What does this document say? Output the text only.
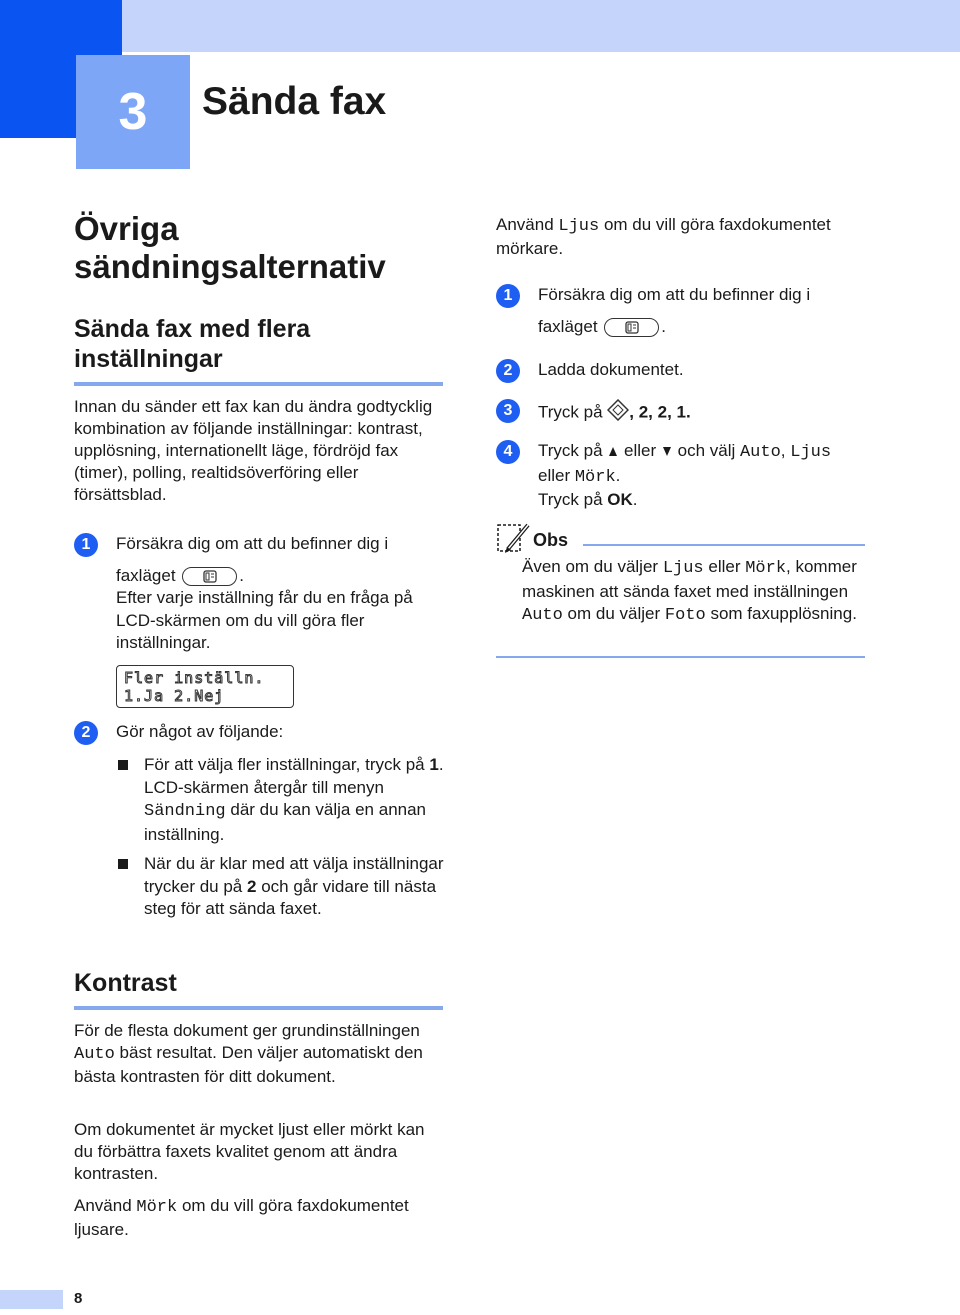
3	Sända fax

Övriga sändningsalternativ

Sända fax med flera inställningar

Innan du sänder ett fax kan du ändra godtycklig kombination av följande inställningar: kontrast, upplösning, internationellt läge, fördröjd fax (timer), polling, realtidsöverföring eller försättsblad.

1	Försäkra dig om att du befinner dig i
faxläget	.
Efter varje inställning får du en fråga på LCD-skärmen om du vill göra fler inställningar.
Fler inställn.
1.Ja 2.Nej
2	Gör något av följande:
För att välja fler inställningar, tryck på 1. LCD-skärmen återgår till menyn Sändning där du kan välja en annan inställning.
När du är klar med att välja inställningar trycker du på 2 och går vidare till nästa steg för att sända faxet.

Kontrast

För de flesta dokument ger grundinställningen Auto bäst resultat. Den väljer automatiskt den bästa kontrasten för ditt dokument.

Om dokumentet är mycket ljust eller mörkt kan du förbättra faxets kvalitet genom att ändra kontrasten.

Använd Mörk om du vill göra faxdokumentet ljusare.

Använd Ljus om du vill göra faxdokumentet mörkare.

1	Försäkra dig om att du befinner dig i
faxläget	.
2	Ladda dokumentet.
3	Tryck på , 2, 2, 1.
4	Tryck på eller och välj Auto, Ljus
eller Mörk.
Tryck på OK.
Obs
Även om du väljer Ljus eller Mörk, kommer maskinen att sända faxet med inställningen Auto om du väljer Foto som faxupplösning.
8
